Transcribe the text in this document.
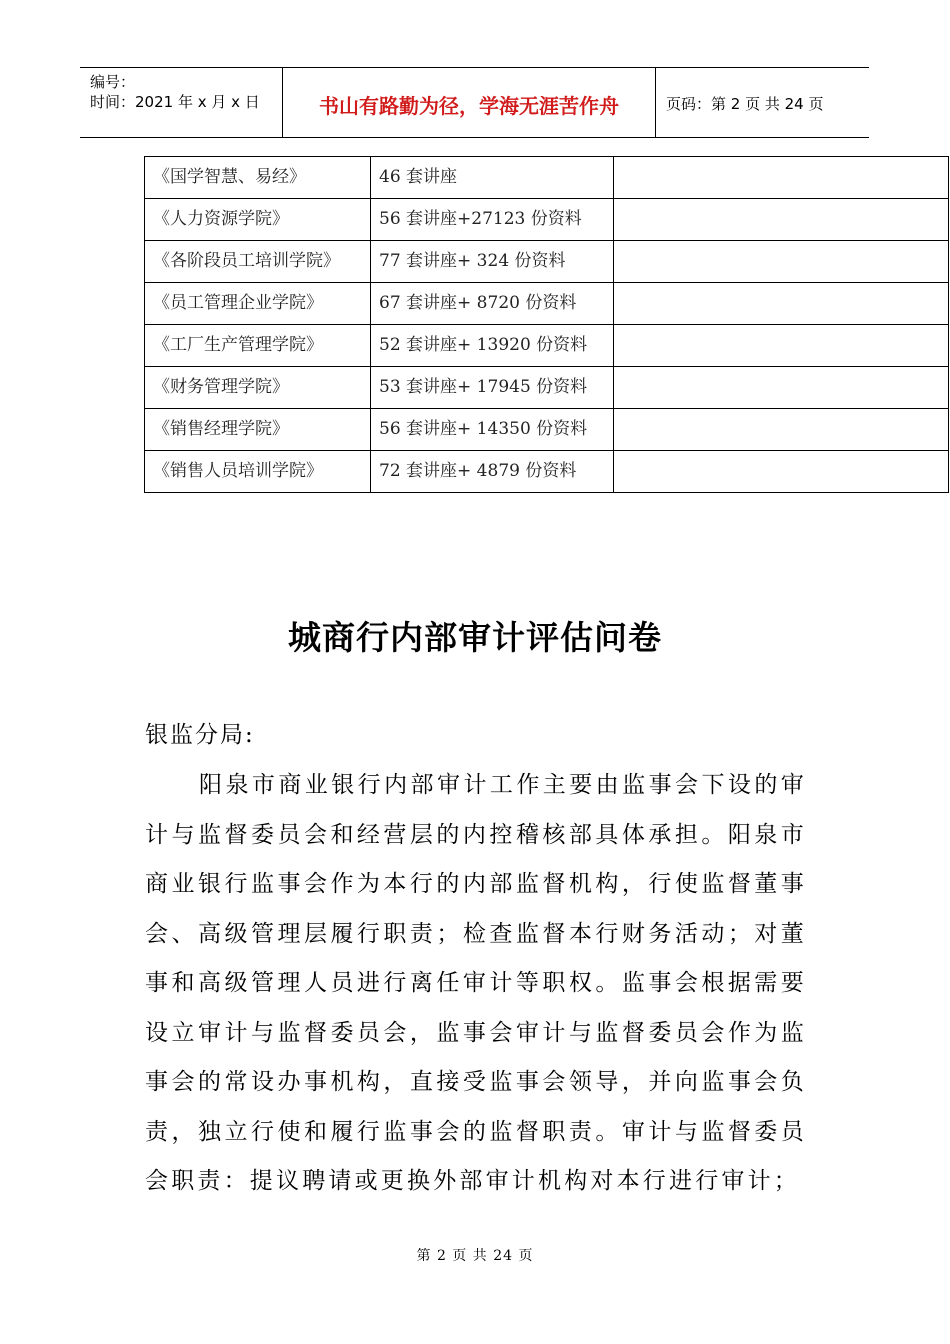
编号：
时间：2021 年 x 月 x 日	书山有路勤为径，学海无涯苦作舟	页码：第 2 页 共 24 页
《国学智慧、易经》	46 套讲座	
《人力资源学院》	56 套讲座+27123 份资料	
《各阶段员工培训学院》	77 套讲座+ 324 份资料	
《员工管理企业学院》	67 套讲座+ 8720 份资料	
《工厂生产管理学院》	52 套讲座+ 13920 份资料	
《财务管理学院》	53 套讲座+ 17945 份资料	
《销售经理学院》	56 套讲座+ 14350 份资料	
《销售人员培训学院》	72 套讲座+ 4879 份资料	
城商行内部审计评估问卷
银监分局:
阳泉市商业银行内部审计工作主要由监事会下设的审计与监督委员会和经营层的内控稽核部具体承担。阳泉市商业银行监事会作为本行的内部监督机构，行使监督董事会、高级管理层履行职责；检查监督本行财务活动；对董事和高级管理人员进行离任审计等职权。监事会根据需要设立审计与监督委员会，监事会审计与监督委员会作为监事会的常设办事机构，直接受监事会领导，并向监事会负责，独立行使和履行监事会的监督职责。审计与监督委员会职责：提议聘请或更换外部审计机构对本行进行审计；
第 2 页 共 24 页
